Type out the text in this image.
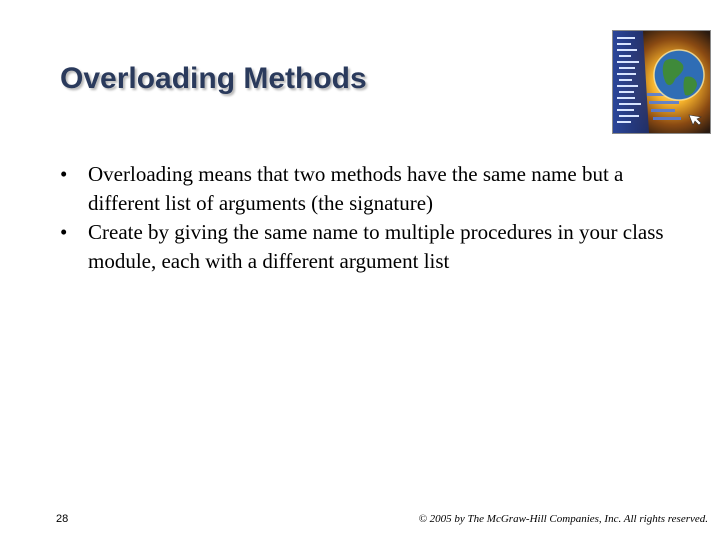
Overloading Methods
• Overloading means that two methods have the same name but a different list of arguments (the signature)
• Create by giving the same name to multiple procedures in your class module, each with a different argument list
28	© 2005 by The McGraw-Hill Companies, Inc. All rights reserved.
